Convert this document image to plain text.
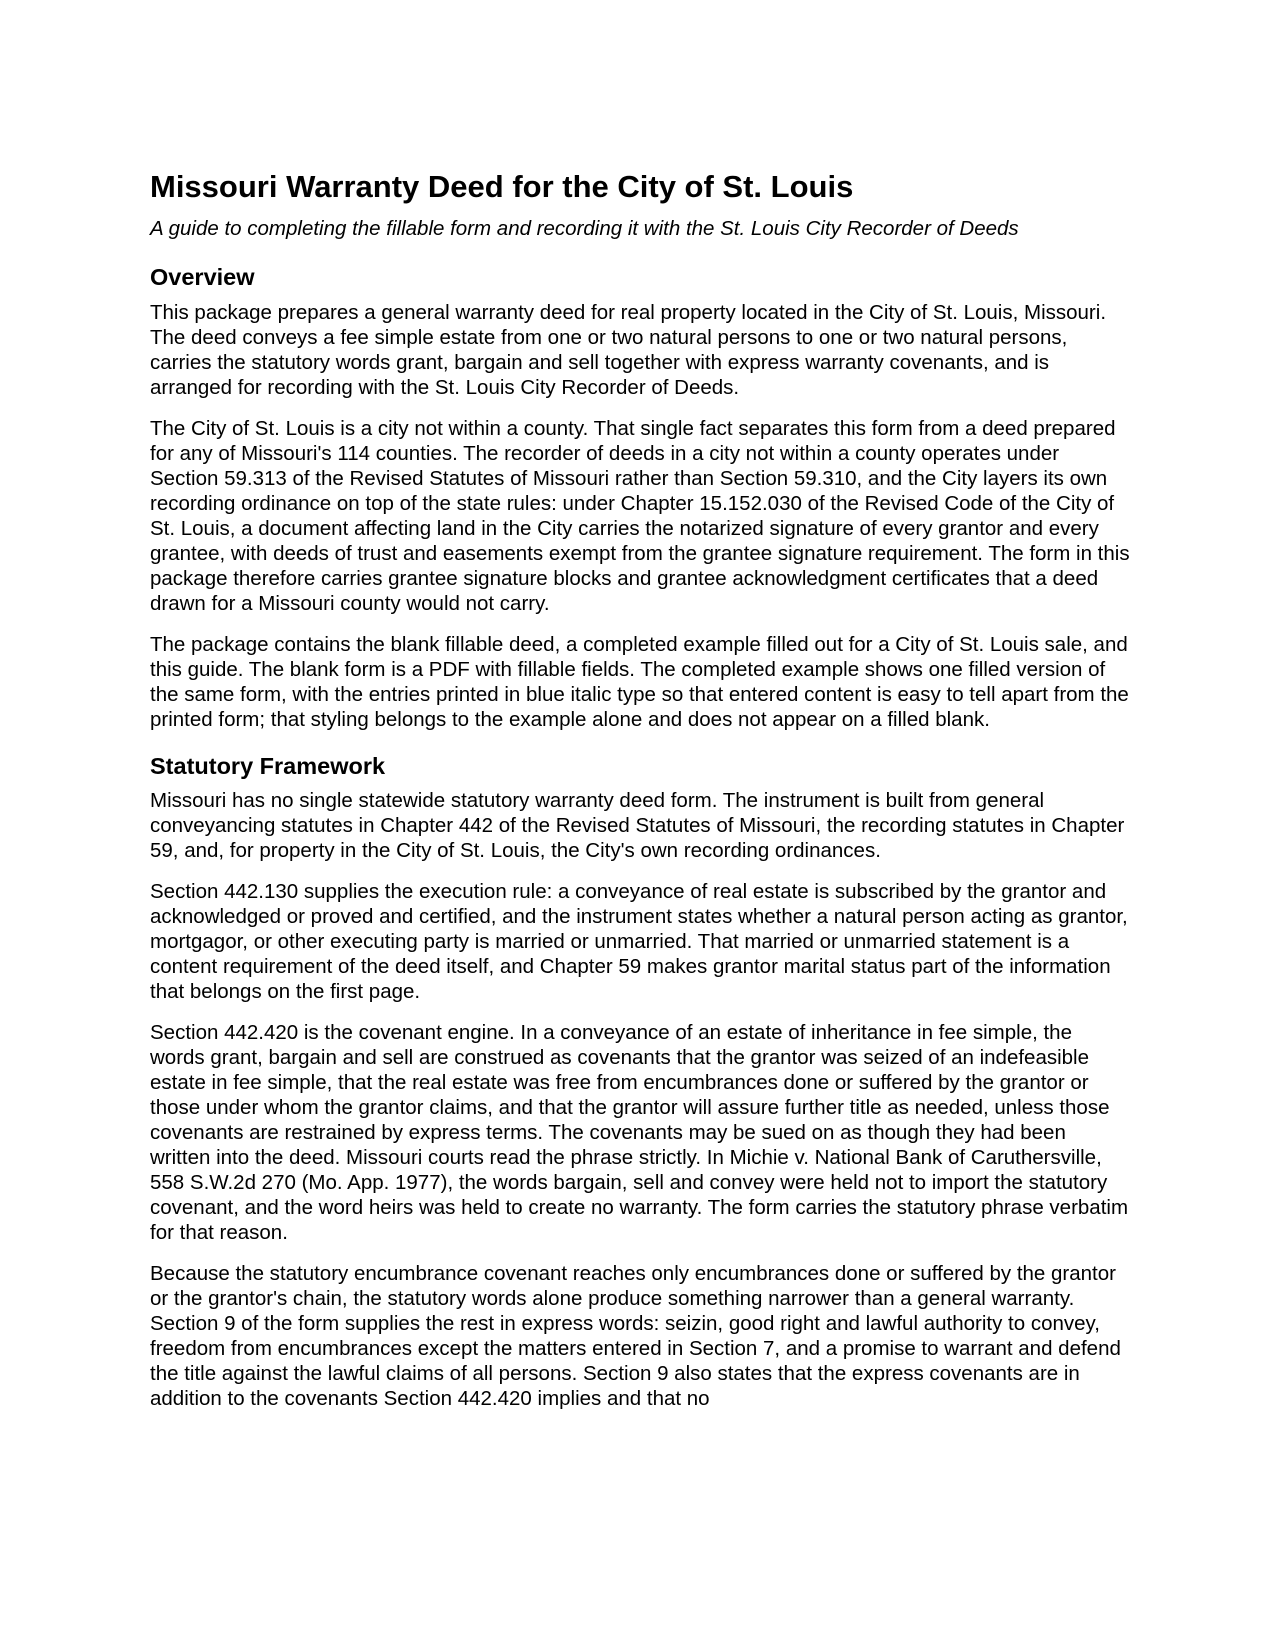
Missouri Warranty Deed for the City of St. Louis
A guide to completing the fillable form and recording it with the St. Louis City Recorder of Deeds
Overview

This package prepares a general warranty deed for real property located in the City of St. Louis, Missouri. The deed conveys a fee simple estate from one or two natural persons to one or two natural persons, carries the statutory words grant, bargain and sell together with express warranty covenants, and is arranged for recording with the St. Louis City Recorder of Deeds.

The City of St. Louis is a city not within a county. That single fact separates this form from a deed prepared for any of Missouri's 114 counties. The recorder of deeds in a city not within a county operates under Section 59.313 of the Revised Statutes of Missouri rather than Section 59.310, and the City layers its own recording ordinance on top of the state rules: under Chapter 15.152.030 of the Revised Code of the City of St. Louis, a document affecting land in the City carries the notarized signature of every grantor and every grantee, with deeds of trust and easements exempt from the grantee signature requirement. The form in this package therefore carries grantee signature blocks and grantee acknowledgment certificates that a deed drawn for a Missouri county would not carry.

The package contains the blank fillable deed, a completed example filled out for a City of St. Louis sale, and this guide. The blank form is a PDF with fillable fields. The completed example shows one filled version of the same form, with the entries printed in blue italic type so that entered content is easy to tell apart from the printed form; that styling belongs to the example alone and does not appear on a filled blank.

Statutory Framework

Missouri has no single statewide statutory warranty deed form. The instrument is built from general conveyancing statutes in Chapter 442 of the Revised Statutes of Missouri, the recording statutes in Chapter 59, and, for property in the City of St. Louis, the City's own recording ordinances.

Section 442.130 supplies the execution rule: a conveyance of real estate is subscribed by the grantor and acknowledged or proved and certified, and the instrument states whether a natural person acting as grantor, mortgagor, or other executing party is married or unmarried. That married or unmarried statement is a content requirement of the deed itself, and Chapter 59 makes grantor marital status part of the information that belongs on the first page.

Section 442.420 is the covenant engine. In a conveyance of an estate of inheritance in fee simple, the words grant, bargain and sell are construed as covenants that the grantor was seized of an indefeasible estate in fee simple, that the real estate was free from encumbrances done or suffered by the grantor or those under whom the grantor claims, and that the grantor will assure further title as needed, unless those covenants are restrained by express terms. The covenants may be sued on as though they had been written into the deed. Missouri courts read the phrase strictly. In Michie v. National Bank of Caruthersville, 558 S.W.2d 270 (Mo. App. 1977), the words bargain, sell and convey were held not to import the statutory covenant, and the word heirs was held to create no warranty. The form carries the statutory phrase verbatim for that reason.

Because the statutory encumbrance covenant reaches only encumbrances done or suffered by the grantor or the grantor's chain, the statutory words alone produce something narrower than a general warranty. Section 9 of the form supplies the rest in express words: seizin, good right and lawful authority to convey, freedom from encumbrances except the matters entered in Section 7, and a promise to warrant and defend the title against the lawful claims of all persons. Section 9 also states that the express covenants are in addition to the covenants Section 442.420 implies and that no
